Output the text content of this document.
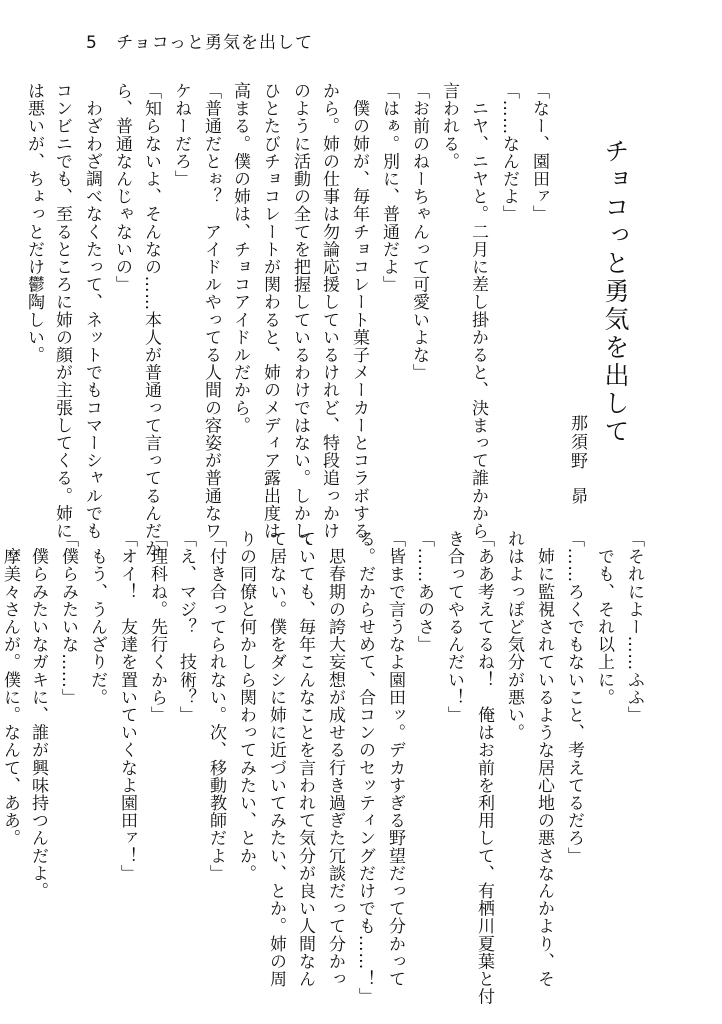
5 チョコっと勇気を出して
チョコっと勇気を出して
那須野昴
「なー、園田ァ」
「……なんだよ」
　ニヤ、ニヤと。二月に差し掛かると、決まって誰かから
言われる。
「お前のねーちゃんって可愛いよな」
「はぁ。別に、普通だよ」
　僕の姉が、毎年チョコレート菓子メーカーとコラボする
から。姉の仕事は勿論応援しているけれど、特段追っかけ
のように活動の全てを把握しているわけではない。しかし、
ひとたびチョコレートが関わると、姉のメディア露出度は
高まる。僕の姉は、チョコアイドルだから。
「普通だとぉ？　アイドルやってる人間の容姿が普通なワ
ケねーだろ」
「知らないよ、そんなの……本人が普通って言ってるんだか
ら、普通なんじゃないの」
　わざわざ調べなくたって、ネットでもコマーシャルでも
コンビニでも、至るところに姉の顔が主張してくる。姉に
は悪いが、ちょっとだけ鬱陶しい。
「それによー……ふふ」
　でも、それ以上に。
「……ろくでもないこと、考えてるだろ」
　姉に監視されているような居心地の悪さなんかより、そ
れはよっぽど気分が悪い。
「ああ考えてるね！　俺はお前を利用して、有栖川夏葉と付
き合ってやるんだい！」
「……あのさ」
「皆まで言うなよ園田ッ。デカすぎる野望だって分かって
る。だからせめて、合コンのセッティングだけでも……！」
　思春期の誇大妄想が成せる行き過ぎた冗談だって分かっ
ていても、毎年こんなことを言われて気分が良い人間なん
て居ない。僕をダシに姉に近づいてみたい、とか。姉の周
りの同僚と何かしら関わってみたい、とか。
「付き合ってられない。次、移動教師だよ」
「え、マジ？　技術？」
「理科ね。先行くから」
「オイ！　友達を置いていくなよ園田ァ！」
　もう、うんざりだ。
「僕らみたいな……」
　僕らみたいなガキに、誰が興味持つんだよ。
　摩美々さんが。僕に。なんて、ああ。
